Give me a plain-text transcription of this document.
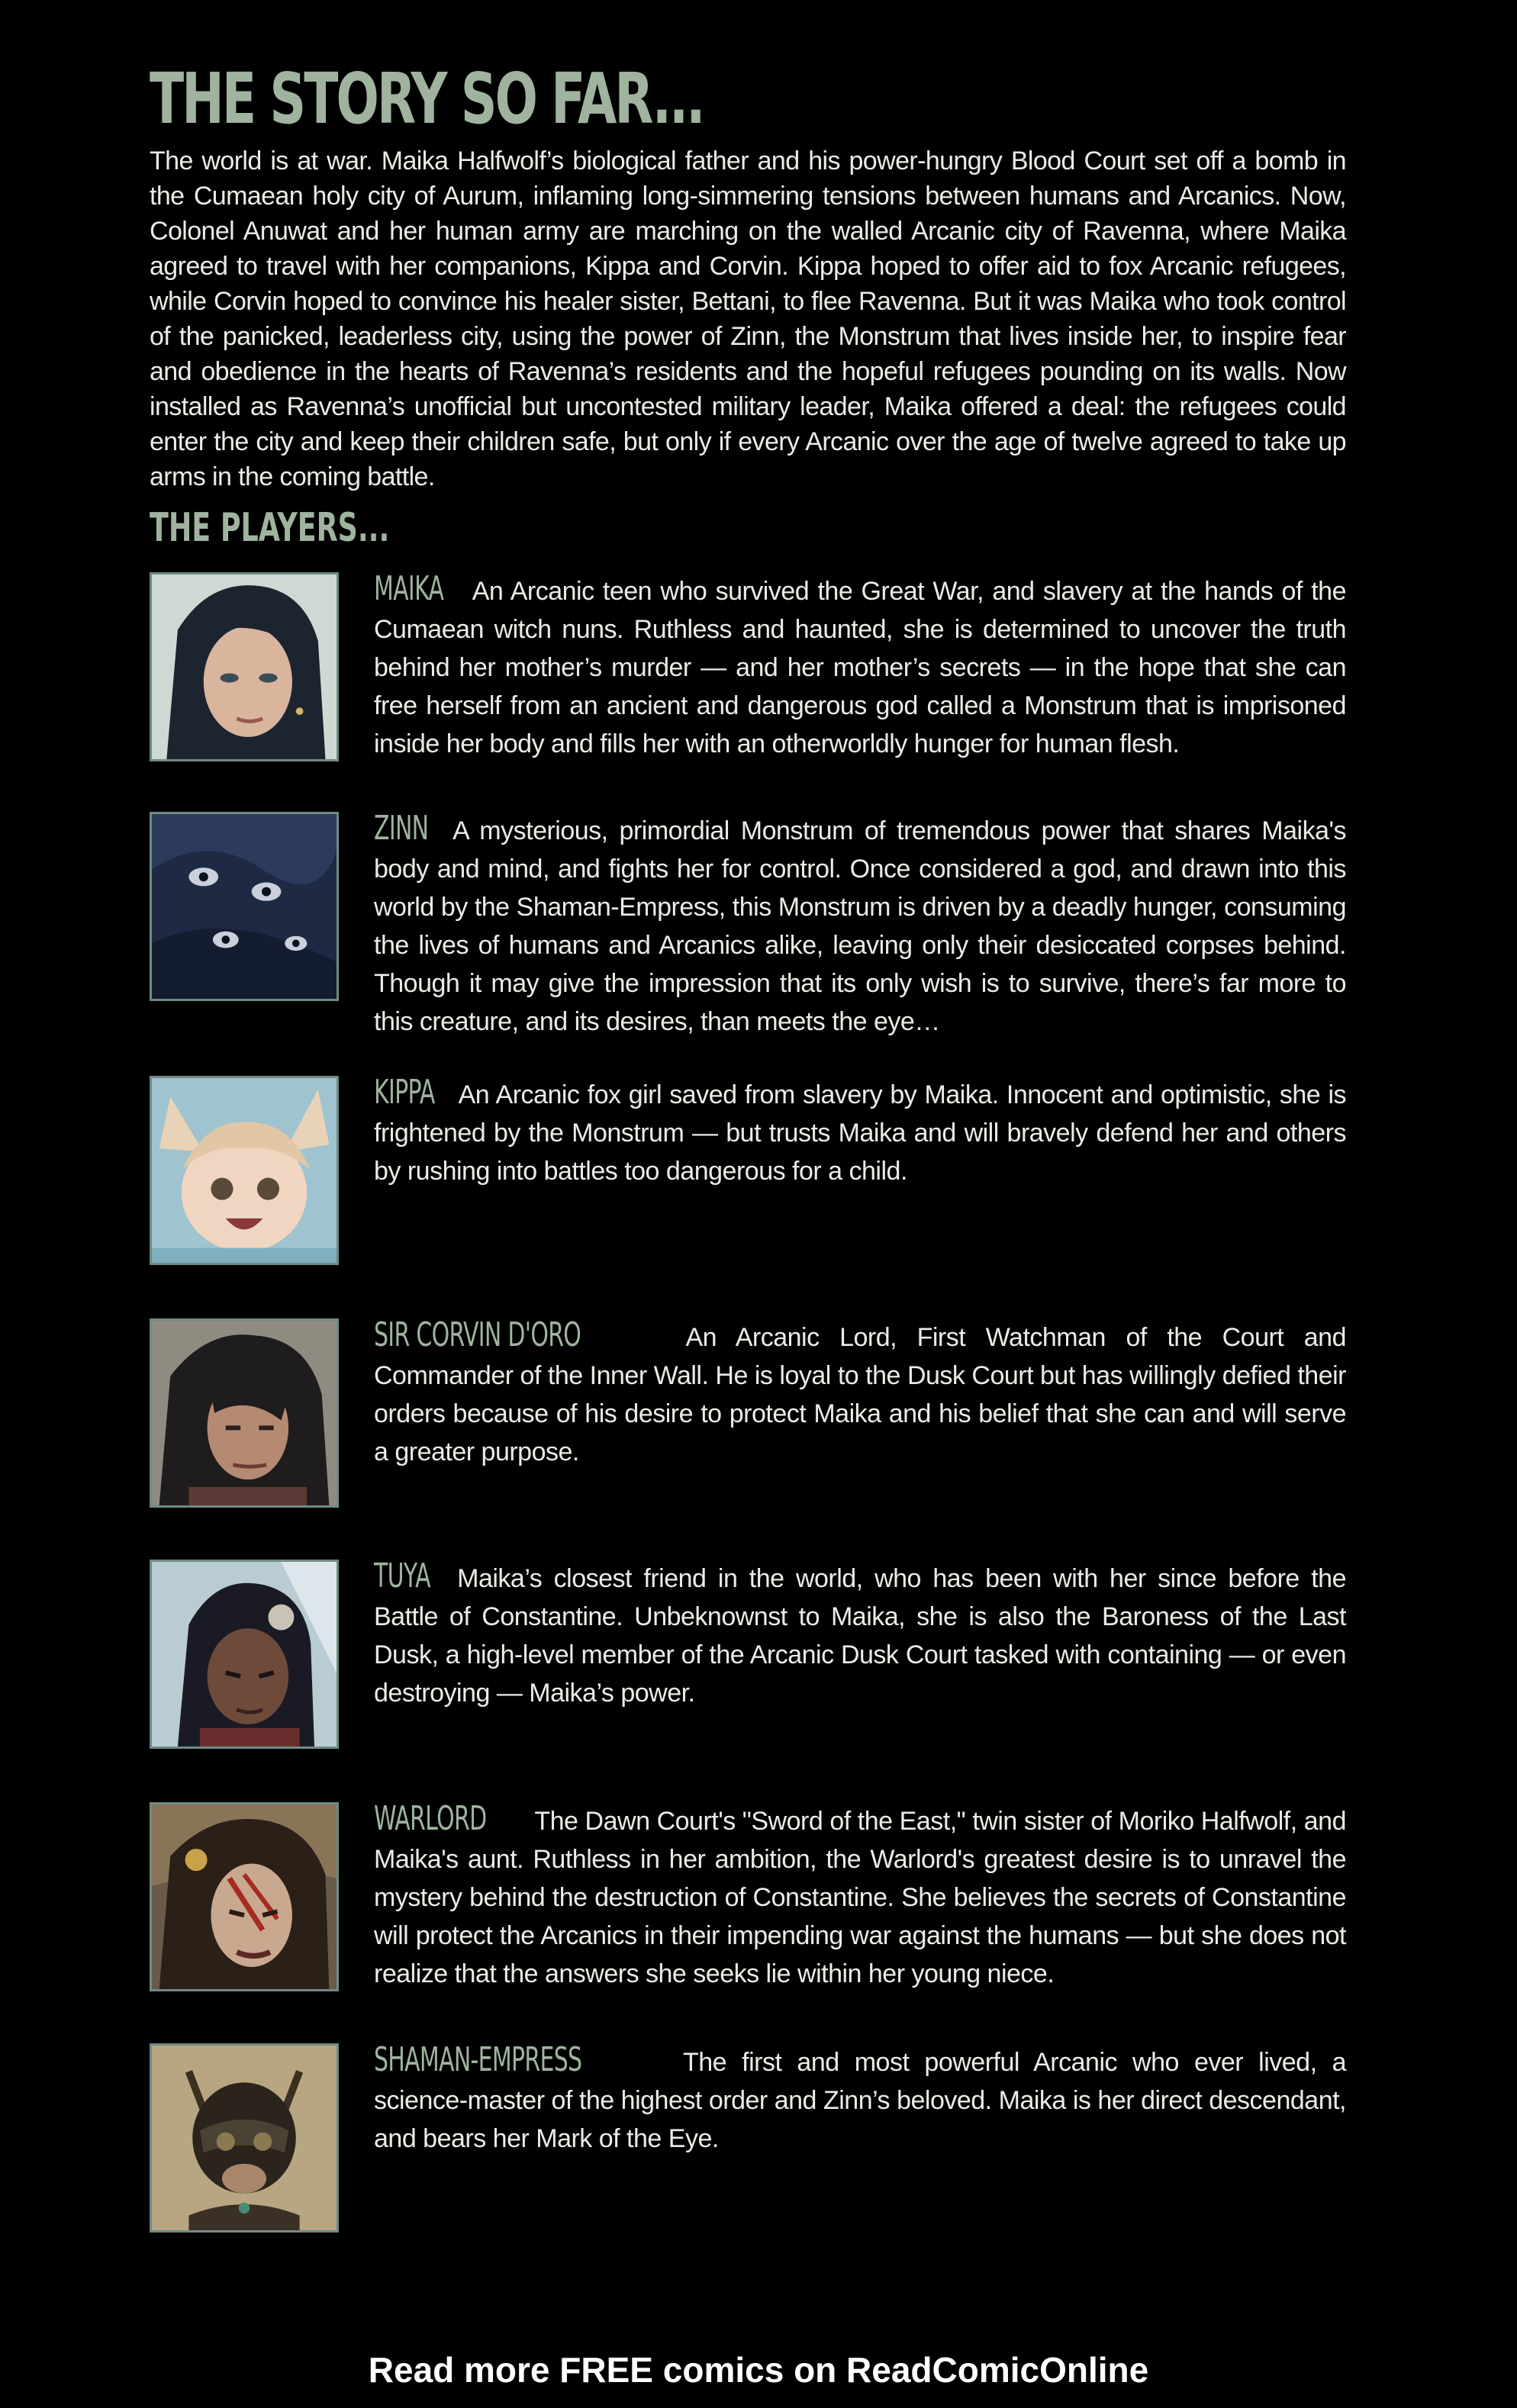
THE STORY SO FAR...

The world is at war. Maika Halfwolf’s biological father and his power-hungry Blood Court set off a bomb in the Cumaean holy city of Aurum, inflaming long-simmering tensions between humans and Arcanics. Now, Colonel Anuwat and her human army are marching on the walled Arcanic city of Ravenna, where Maika agreed to travel with her companions, Kippa and Corvin. Kippa hoped to offer aid to fox Arcanic refugees, while Corvin hoped to convince his healer sister, Bettani, to flee Ravenna. But it was Maika who took control of the panicked, leaderless city, using the power of Zinn, the Monstrum that lives inside her, to inspire fear and obedience in the hearts of Ravenna’s residents and the hopeful refugees pounding on its walls. Now installed as Ravenna’s unofficial but uncontested military leader, Maika offered a deal: the refugees could enter the city and keep their children safe, but only if every Arcanic over the age of twelve agreed to take up arms in the coming battle.

THE PLAYERS...

MAIKA An Arcanic teen who survived the Great War, and slavery at the hands of the Cumaean witch nuns. Ruthless and haunted, she is determined to uncover the truth behind her mother’s murder — and her mother’s secrets — in the hope that she can free herself from an ancient and dangerous god called a Monstrum that is imprisoned inside her body and fills her with an otherworldly hunger for human flesh.

ZINN A mysterious, primordial Monstrum of tremendous power that shares Maika's body and mind, and fights her for control. Once considered a god, and drawn into this world by the Shaman-Empress, this Monstrum is driven by a deadly hunger, consuming the lives of humans and Arcanics alike, leaving only their desiccated corpses behind. Though it may give the impression that its only wish is to survive, there’s far more to this creature, and its desires, than meets the eye…

KIPPA An Arcanic fox girl saved from slavery by Maika. Innocent and optimistic, she is frightened by the Monstrum — but trusts Maika and will bravely defend her and others by rushing into battles too dangerous for a child.

SIR CORVIN D'ORO	An Arcanic Lord, First Watchman of the Court and Commander of the Inner Wall. He is loyal to the Dusk Court but has willingly defied their orders because of his desire to protect Maika and his belief that she can and will serve a greater purpose.

TUYA Maika’s closest friend in the world, who has been with her since before the Battle of Constantine. Unbeknownst to Maika, she is also the Baroness of the Last Dusk, a high-level member of the Arcanic Dusk Court tasked with containing — or even destroying — Maika’s power.

WARLORD The Dawn Court's "Sword of the East," twin sister of Moriko Halfwolf, and Maika's aunt. Ruthless in her ambition, the Warlord's greatest desire is to unravel the mystery behind the destruction of Constantine. She believes the secrets of Constantine will protect the Arcanics in their impending war against the humans — but she does not realize that the answers she seeks lie within her young niece.

SHAMAN-EMPRESS	The first and most powerful Arcanic who ever lived, a science-master of the highest order and Zinn’s beloved. Maika is her direct descendant, and bears her Mark of the Eye.

Read more FREE comics on ReadComicOnline
